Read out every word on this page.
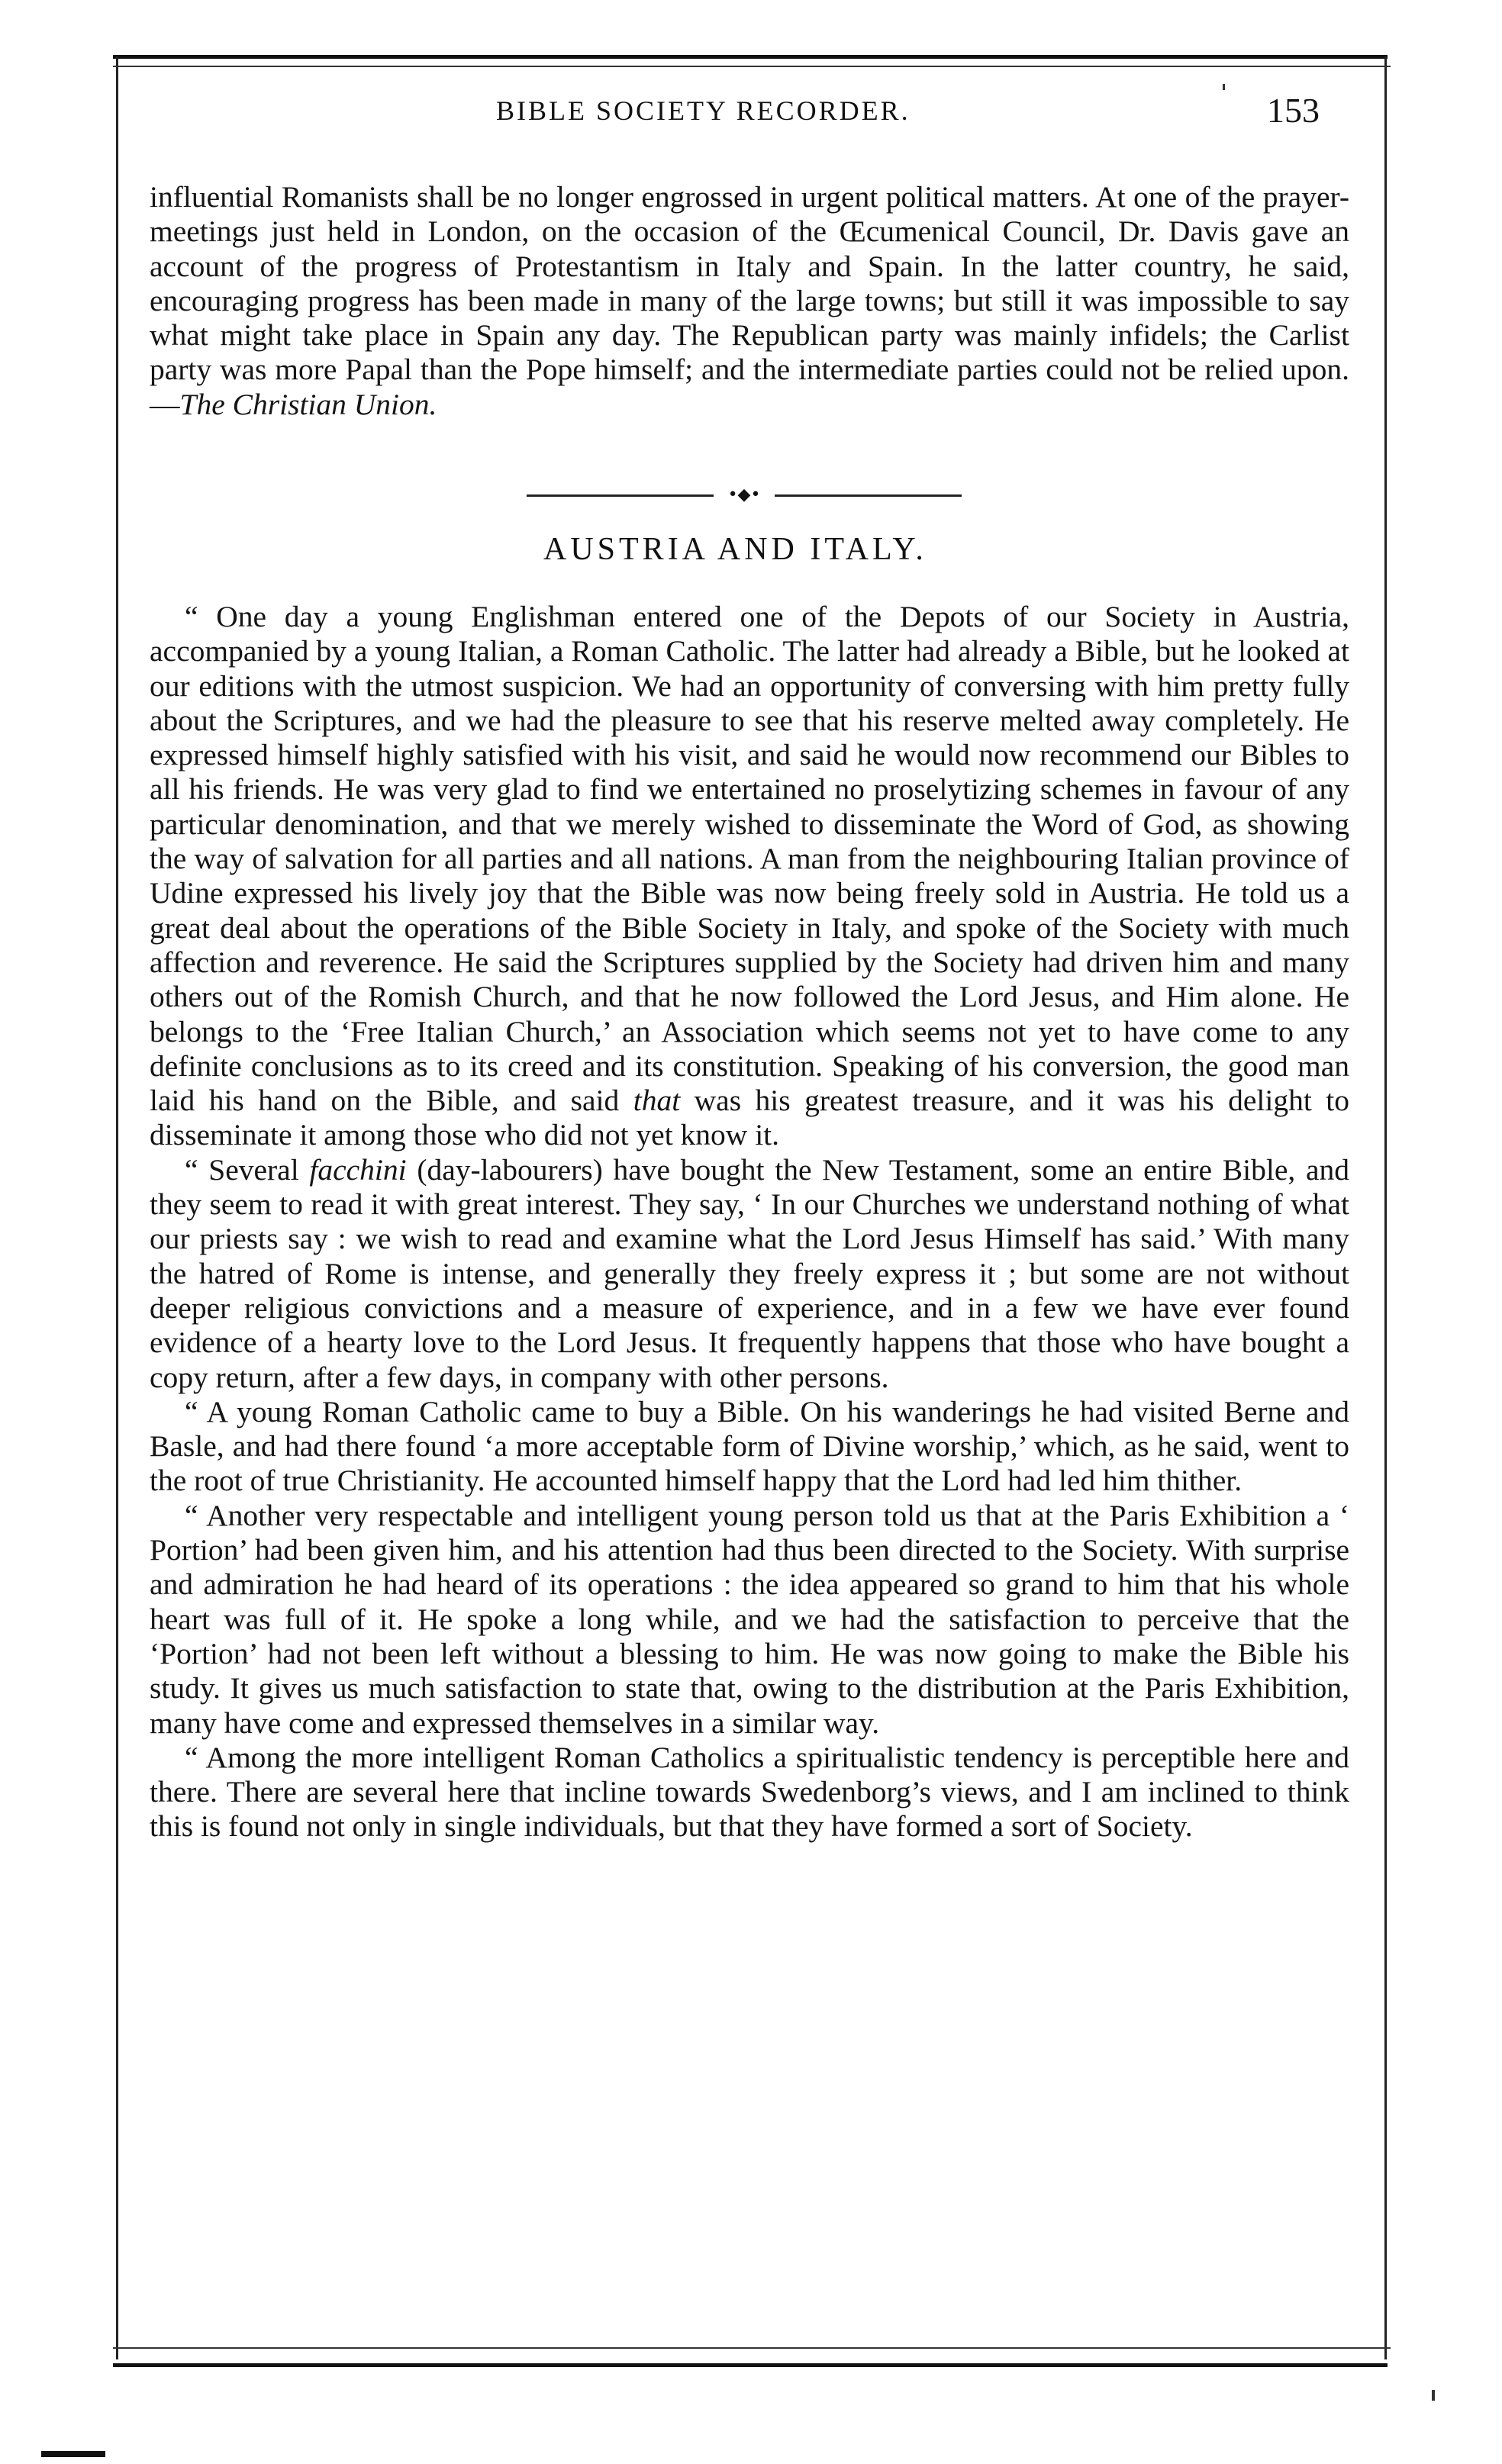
BIBLE SOCIETY RECORDER.	153

influential Romanists shall be no longer engrossed in urgent political matters. At one of the prayer-meetings just held in London, on the occasion of the Œcumenical Council, Dr. Davis gave an account of the progress of Protestantism in Italy and Spain. In the latter country, he said, encouraging progress has been made in many of the large towns; but still it was impossible to say what might take place in Spain any day. The Republican party was mainly infidels; the Carlist party was more Papal than the Pope himself; and the intermediate parties could not be relied upon.—The Christian Union.

•◆•
AUSTRIA AND ITALY.

“ One day a young Englishman entered one of the Depots of our Society in Austria, accompanied by a young Italian, a Roman Catholic. The latter had already a Bible, but he looked at our editions with the utmost suspicion. We had an opportunity of conversing with him pretty fully about the Scriptures, and we had the pleasure to see that his reserve melted away completely. He expressed himself highly satisfied with his visit, and said he would now recommend our Bibles to all his friends. He was very glad to find we entertained no proselytizing schemes in favour of any particular denomination, and that we merely wished to disseminate the Word of God, as showing the way of salvation for all parties and all nations. A man from the neighbouring Italian province of Udine expressed his lively joy that the Bible was now being freely sold in Austria. He told us a great deal about the operations of the Bible Society in Italy, and spoke of the Society with much affection and reverence. He said the Scriptures supplied by the Society had driven him and many others out of the Romish Church, and that he now followed the Lord Jesus, and Him alone. He belongs to the ‘Free Italian Church,’ an Association which seems not yet to have come to any definite conclusions as to its creed and its constitution. Speaking of his conversion, the good man laid his hand on the Bible, and said that was his greatest treasure, and it was his delight to disseminate it among those who did not yet know it.

“ Several facchini (day-labourers) have bought the New Testament, some an entire Bible, and they seem to read it with great interest. They say, ‘ In our Churches we understand nothing of what our priests say : we wish to read and examine what the Lord Jesus Himself has said.’ With many the hatred of Rome is intense, and generally they freely express it ; but some are not without deeper religious convictions and a measure of experience, and in a few we have ever found evidence of a hearty love to the Lord Jesus. It frequently happens that those who have bought a copy return, after a few days, in company with other persons.

“ A young Roman Catholic came to buy a Bible. On his wanderings he had visited Berne and Basle, and had there found ‘a more acceptable form of Divine worship,’ which, as he said, went to the root of true Christianity. He accounted himself happy that the Lord had led him thither.

“ Another very respectable and intelligent young person told us that at the Paris Exhibition a ‘ Portion’ had been given him, and his attention had thus been directed to the Society. With surprise and admiration he had heard of its operations : the idea appeared so grand to him that his whole heart was full of it. He spoke a long while, and we had the satisfaction to perceive that the ‘Portion’ had not been left without a blessing to him. He was now going to make the Bible his study. It gives us much satisfaction to state that, owing to the distribution at the Paris Exhibition, many have come and expressed themselves in a similar way.

“ Among the more intelligent Roman Catholics a spiritualistic tendency is perceptible here and there. There are several here that incline towards Swedenborg’s views, and I am inclined to think this is found not only in single individuals, but that they have formed a sort of Society.
